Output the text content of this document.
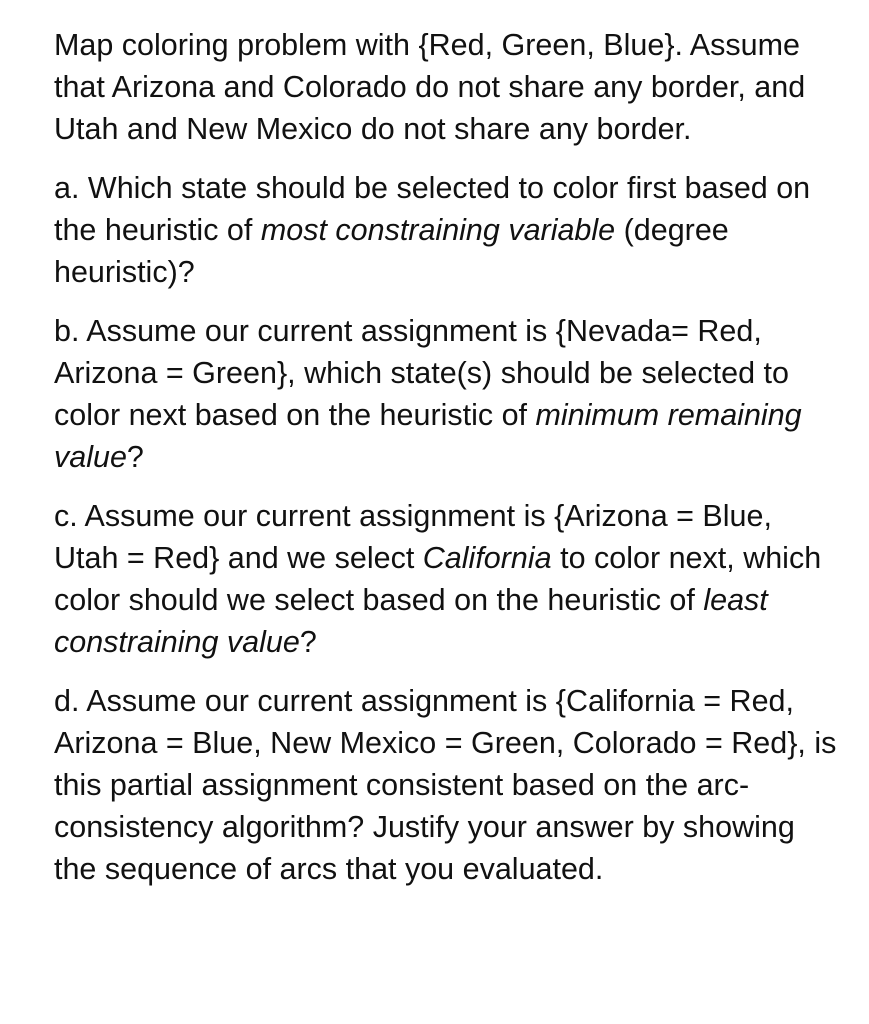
Map coloring problem with {Red, Green, Blue}. Assume that Arizona and Colorado do not share any border, and Utah and New Mexico do not share any border.

a. Which state should be selected to color first based on the heuristic of most constraining variable (degree heuristic)?

b. Assume our current assignment is {Nevada= Red, Arizona = Green}, which state(s) should be selected to color next based on the heuristic of minimum remaining value?

c. Assume our current assignment is {Arizona = Blue, Utah = Red} and we select California to color next, which color should we select based on the heuristic of least constraining value?

d. Assume our current assignment is {California = Red, Arizona = Blue, New Mexico = Green, Colorado = Red}, is this partial assignment consistent based on the arc-consistency algorithm? Justify your answer by showing the sequence of arcs that you evaluated.
